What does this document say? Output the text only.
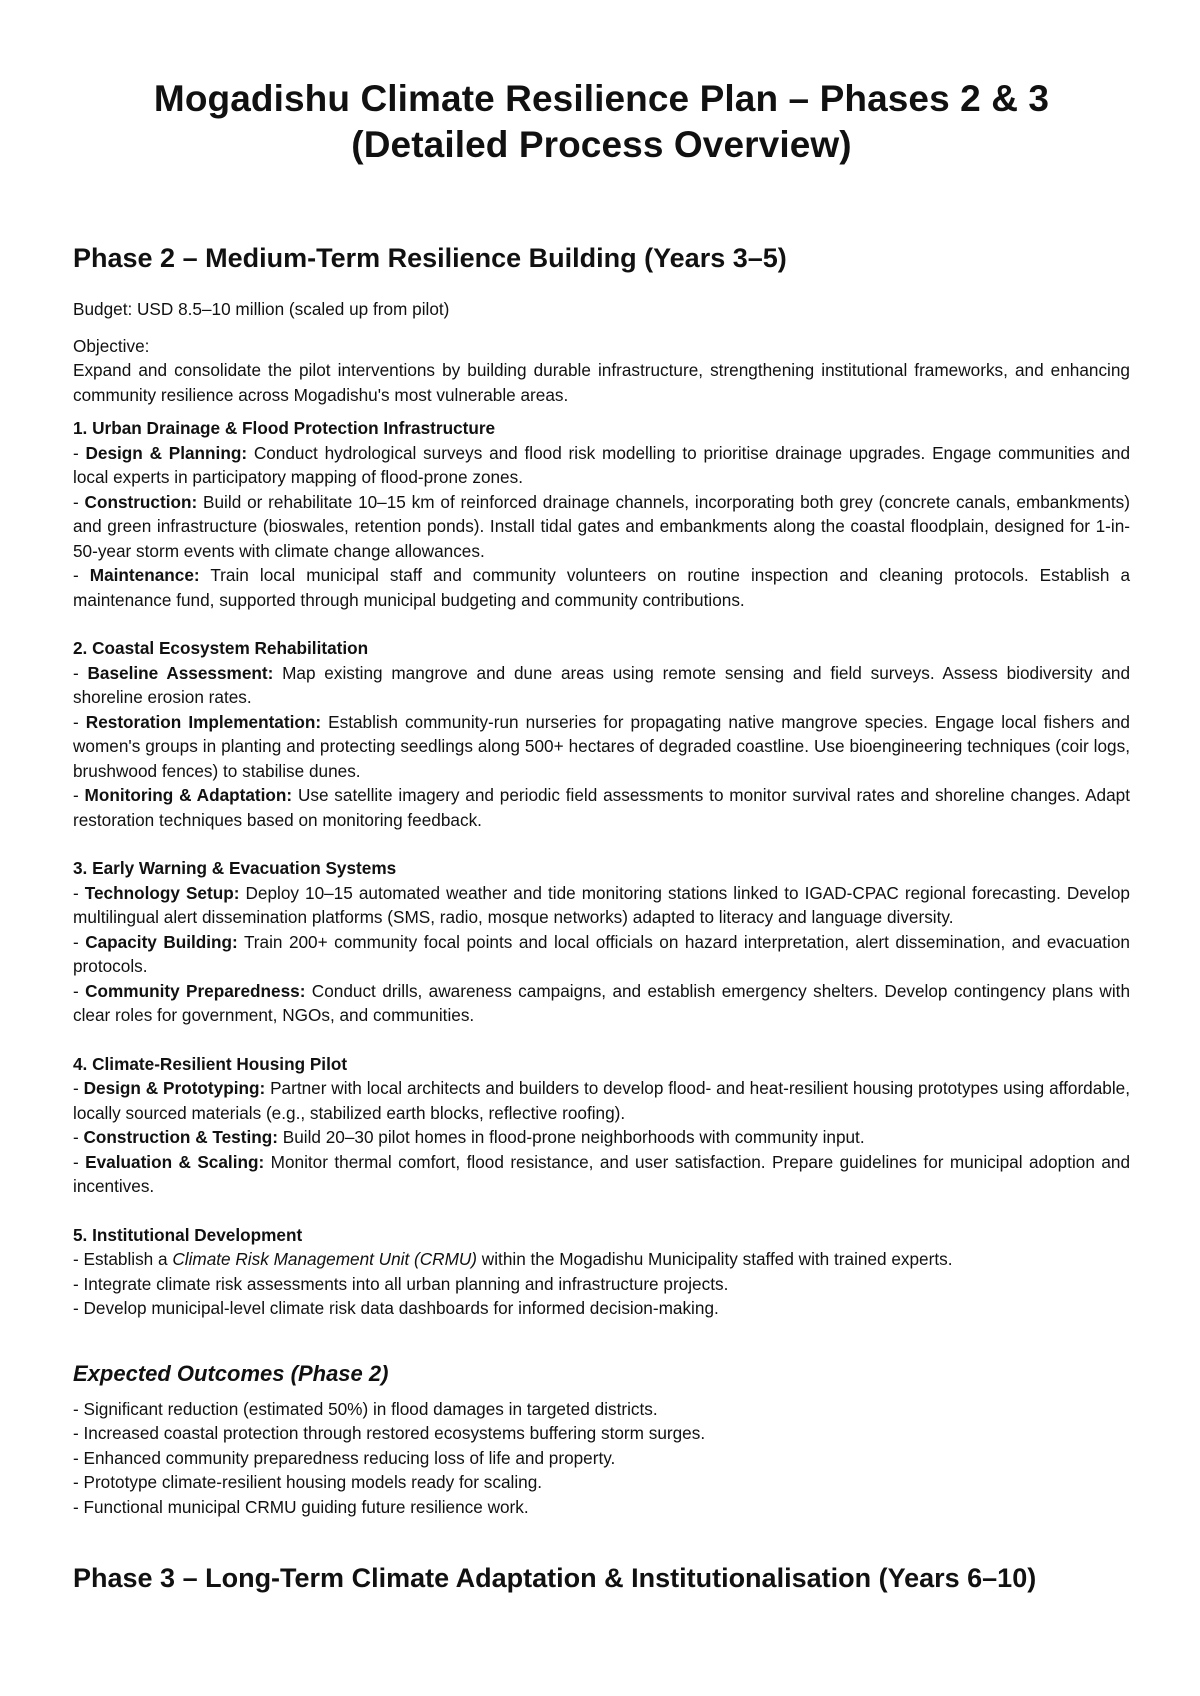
Mogadishu Climate Resilience Plan – Phases 2 & 3 (Detailed Process Overview)
Phase 2 – Medium-Term Resilience Building (Years 3–5)

Budget: USD 8.5–10 million (scaled up from pilot)

Objective:

Expand and consolidate the pilot interventions by building durable infrastructure, strengthening institutional frameworks, and enhancing community resilience across Mogadishu's most vulnerable areas.

1. Urban Drainage & Flood Protection Infrastructure

- Design & Planning: Conduct hydrological surveys and flood risk modelling to prioritise drainage upgrades. Engage communities and local experts in participatory mapping of flood-prone zones.

- Construction: Build or rehabilitate 10–15 km of reinforced drainage channels, incorporating both grey (concrete canals, embankments) and green infrastructure (bioswales, retention ponds). Install tidal gates and embankments along the coastal floodplain, designed for 1-in-50-year storm events with climate change allowances.

- Maintenance: Train local municipal staff and community volunteers on routine inspection and cleaning protocols. Establish a maintenance fund, supported through municipal budgeting and community contributions.

2. Coastal Ecosystem Rehabilitation

- Baseline Assessment: Map existing mangrove and dune areas using remote sensing and field surveys. Assess biodiversity and shoreline erosion rates.

- Restoration Implementation: Establish community-run nurseries for propagating native mangrove species. Engage local fishers and women's groups in planting and protecting seedlings along 500+ hectares of degraded coastline. Use bioengineering techniques (coir logs, brushwood fences) to stabilise dunes.

- Monitoring & Adaptation: Use satellite imagery and periodic field assessments to monitor survival rates and shoreline changes. Adapt restoration techniques based on monitoring feedback.

3. Early Warning & Evacuation Systems

- Technology Setup: Deploy 10–15 automated weather and tide monitoring stations linked to IGAD-CPAC regional forecasting. Develop multilingual alert dissemination platforms (SMS, radio, mosque networks) adapted to literacy and language diversity.

- Capacity Building: Train 200+ community focal points and local officials on hazard interpretation, alert dissemination, and evacuation protocols.

- Community Preparedness: Conduct drills, awareness campaigns, and establish emergency shelters. Develop contingency plans with clear roles for government, NGOs, and communities.

4. Climate-Resilient Housing Pilot

- Design & Prototyping: Partner with local architects and builders to develop flood- and heat-resilient housing prototypes using affordable, locally sourced materials (e.g., stabilized earth blocks, reflective roofing).

- Construction & Testing: Build 20–30 pilot homes in flood-prone neighborhoods with community input.

- Evaluation & Scaling: Monitor thermal comfort, flood resistance, and user satisfaction. Prepare guidelines for municipal adoption and incentives.

5. Institutional Development

- Establish a Climate Risk Management Unit (CRMU) within the Mogadishu Municipality staffed with trained experts.

- Integrate climate risk assessments into all urban planning and infrastructure projects.

- Develop municipal-level climate risk data dashboards for informed decision-making.

Expected Outcomes (Phase 2)
- Significant reduction (estimated 50%) in flood damages in targeted districts.
- Increased coastal protection through restored ecosystems buffering storm surges.
- Enhanced community preparedness reducing loss of life and property.
- Prototype climate-resilient housing models ready for scaling.
- Functional municipal CRMU guiding future resilience work.
Phase 3 – Long-Term Climate Adaptation & Institutionalisation (Years 6–10)
